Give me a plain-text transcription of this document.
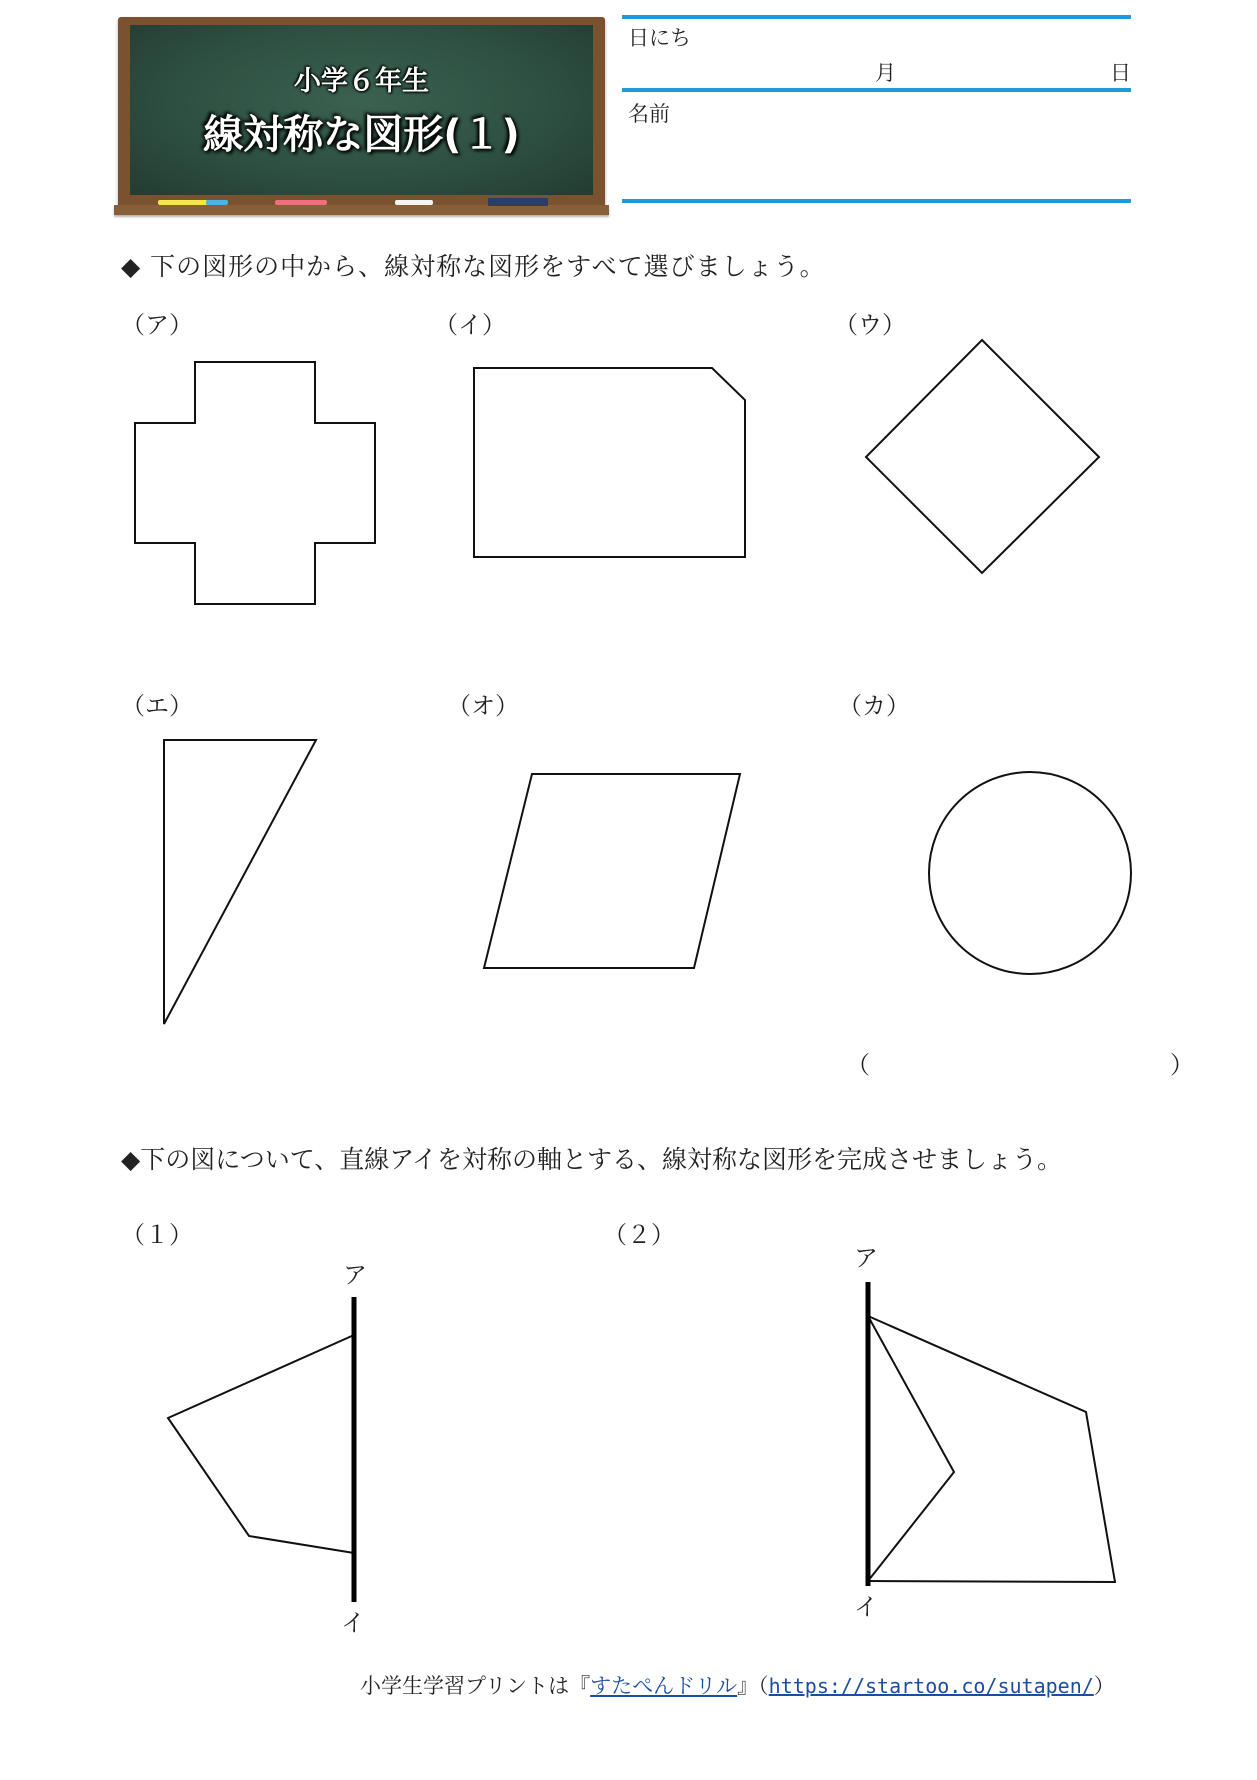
小学６年生
線対称な図形(１)
日にち
月	日
名前
◆ 下の図形の中から、線対称な図形をすべて選びましょう。
（ア）	（イ）	（ウ）
（エ）	（オ）	（カ）
（	）
◆下の図について、直線アイを対称の軸とする、線対称な図形を完成させましょう。
（１）	（２）
ア
イ
ア
イ
小学生学習プリントは『すたぺんドリル』（https://startoo.co/sutapen/）
